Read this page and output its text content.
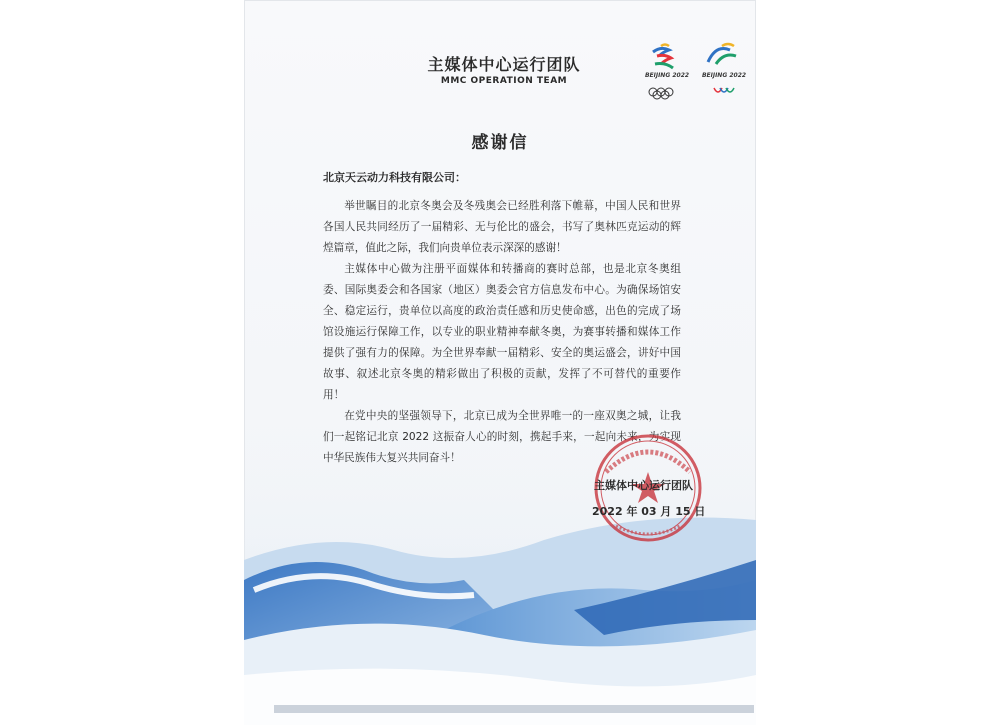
主媒体中心运行团队
MMC OPERATION TEAM
BEIJING 2022	BEIJING 2022
感谢信
北京天云动力科技有限公司：

举世瞩目的北京冬奥会及冬残奥会已经胜利落下帷幕，中国人民和世界各国人民共同经历了一届精彩、无与伦比的盛会，书写了奥林匹克运动的辉煌篇章，值此之际，我们向贵单位表示深深的感谢！

主媒体中心做为注册平面媒体和转播商的赛时总部，也是北京冬奥组委、国际奥委会和各国家（地区）奥委会官方信息发布中心。为确保场馆安全、稳定运行，贵单位以高度的政治责任感和历史使命感，出色的完成了场馆设施运行保障工作，以专业的职业精神奉献冬奥，为赛事转播和媒体工作提供了强有力的保障。为全世界奉献一届精彩、安全的奥运盛会，讲好中国故事、叙述北京冬奥的精彩做出了积极的贡献，发挥了不可替代的重要作用！

在党中央的坚强领导下，北京已成为全世界唯一的一座双奥之城，让我们一起铭记北京 2022 这振奋人心的时刻，携起手来，一起向未来，为实现中华民族伟大复兴共同奋斗！

主媒体中心运行团队
2022 年 03 月 15 日
